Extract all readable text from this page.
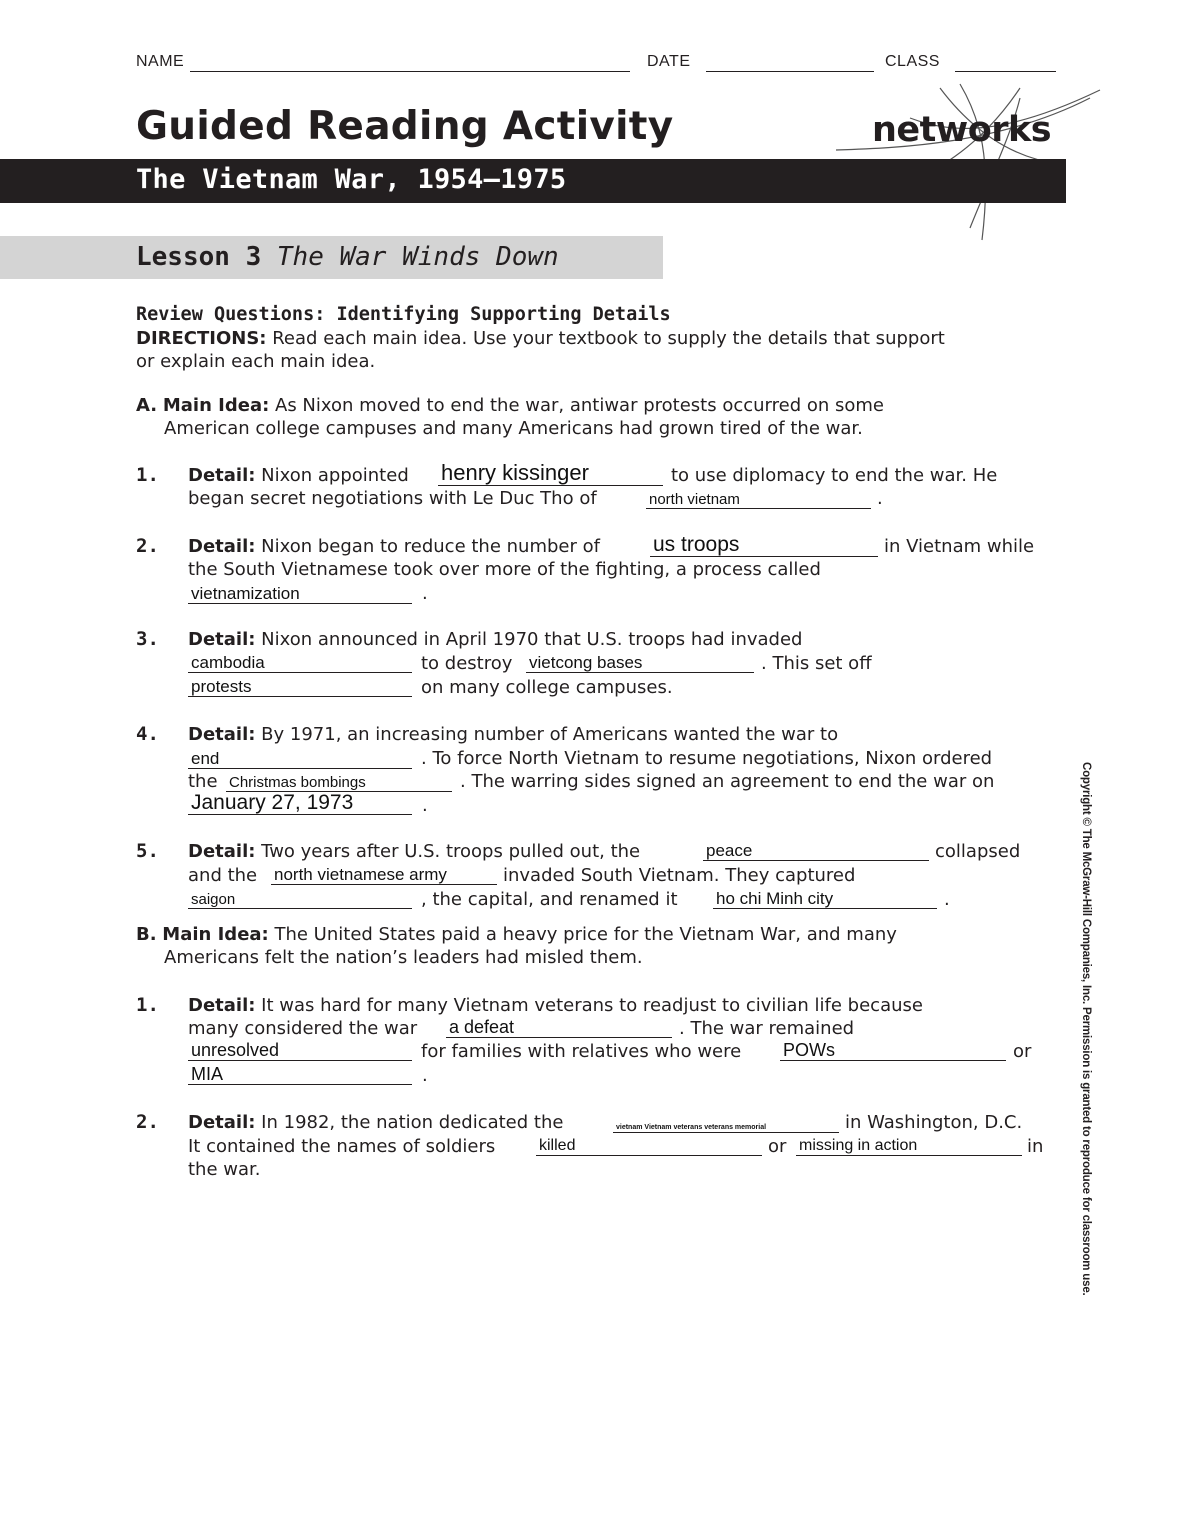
NAME	DATE	CLASS
Guided Reading Activity	networks
The Vietnam War, 1954–1975
Lesson 3 The War Winds Down
Review Questions: Identifying Supporting Details
DIRECTIONS: Read each main idea. Use your textbook to supply the details that support
or explain each main idea.
A. Main Idea: As Nixon moved to end the war, antiwar protests occurred on some
American college campuses and many Americans had grown tired of the war.
1. Detail: Nixon appointed henry kissinger	to use diplomacy to end the war. He
began secret negotiations with Le Duc Tho of	north vietnam	.
2. Detail: Nixon began to reduce the number of	us troops	in Vietnam while
the South Vietnamese took over more of the fighting, a process called
vietnamization	.
3. Detail: Nixon announced in April 1970 that U.S. troops had invaded
cambodia	to destroy vietcong bases	. This set off
protests	on many college campuses.
4. Detail: By 1971, an increasing number of Americans wanted the war to
end	. To force North Vietnam to resume negotiations, Nixon ordered
the Christmas bombings	. The warring sides signed an agreement to end the war on
January 27, 1973	.
5. Detail: Two years after U.S. troops pulled out, the	peace	collapsed
and the north vietnamese army	invaded South Vietnam. They captured
saigon	, the capital, and renamed it ho chi Minh city	.
B. Main Idea: The United States paid a heavy price for the Vietnam War, and many
Americans felt the nation’s leaders had misled them.
1. Detail: It was hard for many Vietnam veterans to readjust to civilian life because
many considered the war a defeat	. The war remained
unresolved	for families with relatives who were POWs	or
MIA	.
2. Detail: In 1982, the nation dedicated the	vietnam Vietnam veterans veterans memorial	in Washington, D.C.
It contained the names of soldiers	killed	or missing in action	in
the war.	Copyright © The McGraw-Hill Companies, Inc. Permission is granted to reproduce for classroom use.
